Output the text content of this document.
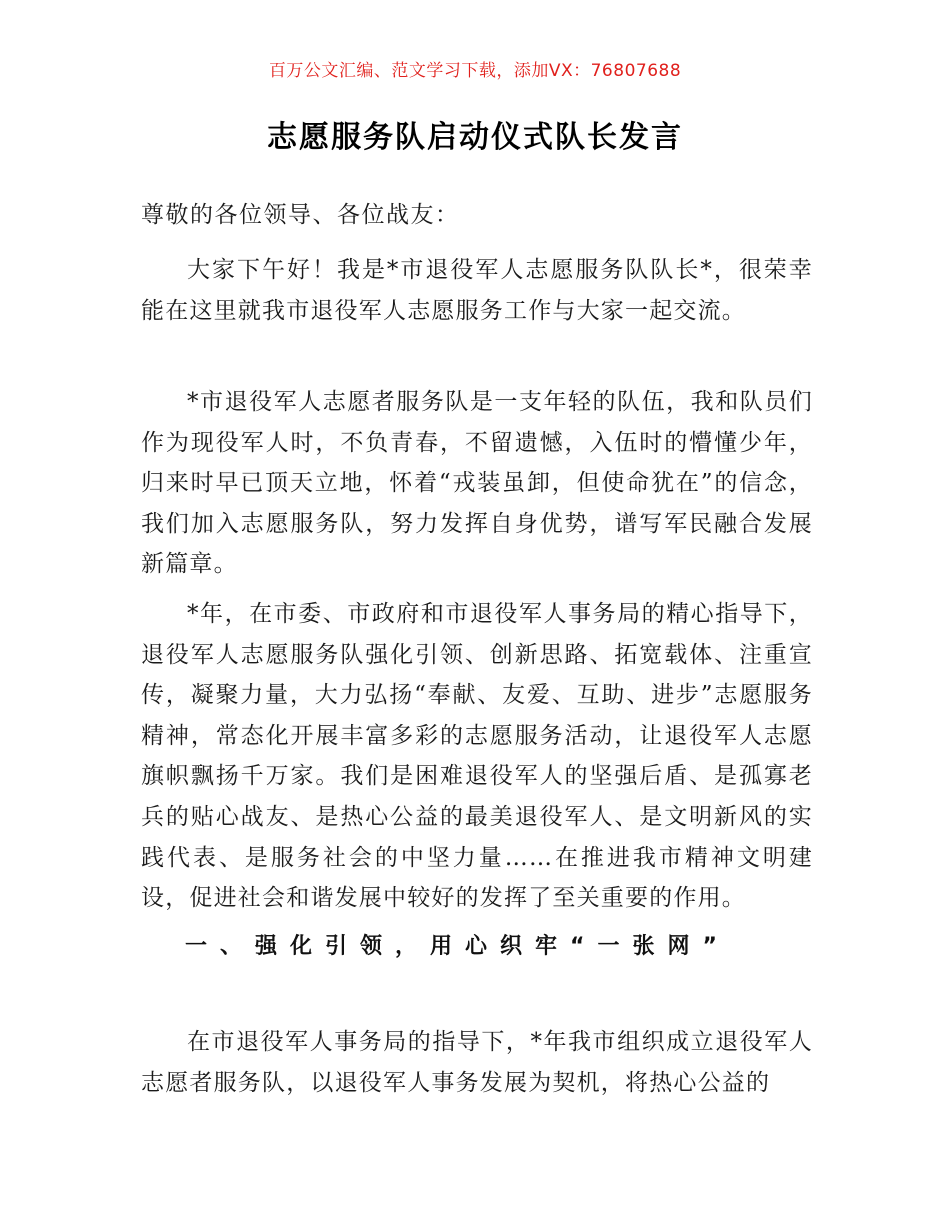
百万公文汇编、范文学习下载，添加VX：76807688
志愿服务队启动仪式队长发言
尊敬的各位领导、各位战友：

大家下午好！我是*市退役军人志愿服务队队长*，很荣幸能在这里就我市退役军人志愿服务工作与大家一起交流。

*市退役军人志愿者服务队是一支年轻的队伍，我和队员们作为现役军人时，不负青春，不留遗憾，入伍时的懵懂少年，归来时早已顶天立地，怀着“戎装虽卸，但使命犹在”的信念，我们加入志愿服务队，努力发挥自身优势，谱写军民融合发展新篇章。

*年，在市委、市政府和市退役军人事务局的精心指导下，退役军人志愿服务队强化引领、创新思路、拓宽载体、注重宣传，凝聚力量，大力弘扬“奉献、友爱、互助、进步”志愿服务精神，常态化开展丰富多彩的志愿服务活动，让退役军人志愿旗帜飘扬千万家。我们是困难退役军人的坚强后盾、是孤寡老兵的贴心战友、是热心公益的最美退役军人、是文明新风的实践代表、是服务社会的中坚力量……在推进我市精神文明建设，促进社会和谐发展中较好的发挥了至关重要的作用。

一、强化引领，用心织牢“一张网”

在市退役军人事务局的指导下，*年我市组织成立退役军人志愿者服务队，以退役军人事务发展为契机，将热心公益的
